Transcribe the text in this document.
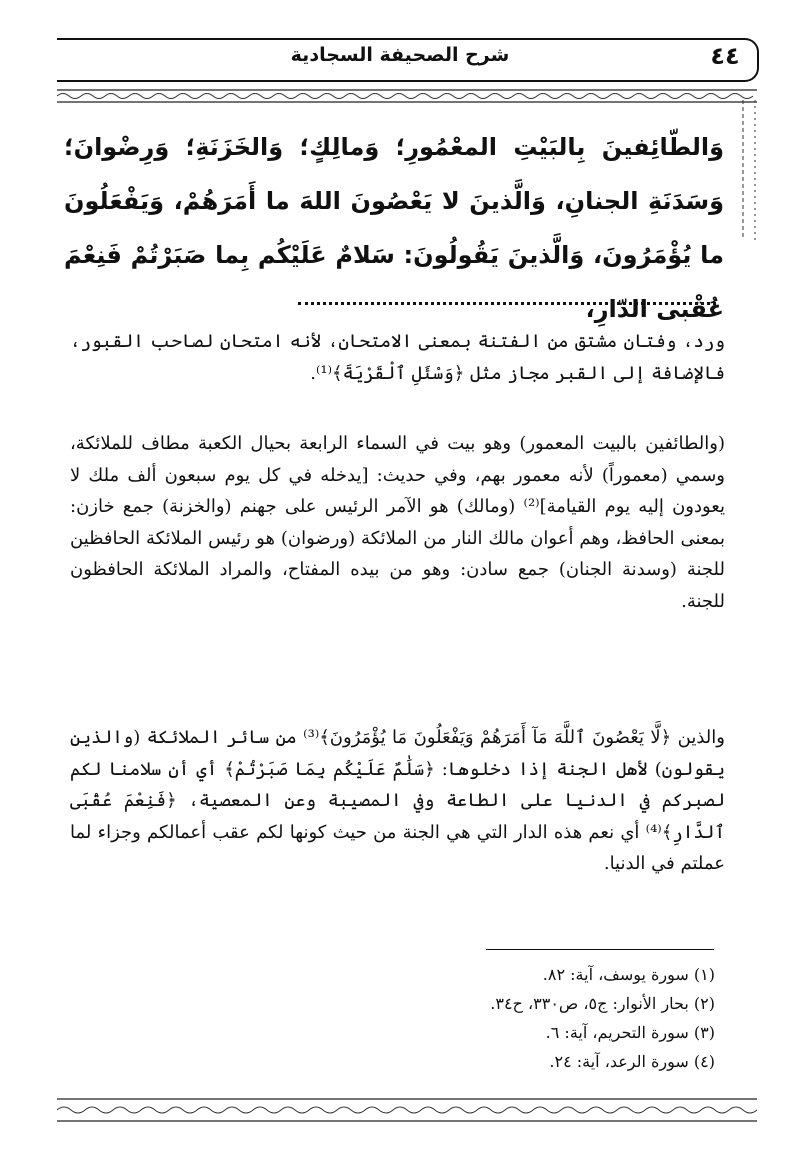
شرح الصحيفة السجادية	٤٤
وَالطّائِفينَ بِالبَيْتِ المعْمُورِ؛ وَمالِكٍ؛ وَالخَزَنَةِ؛ وَرِضْوانَ؛ وَسَدَنَةِ الجنانِ، وَالَّذينَ لا يَعْصُونَ اللهَ ما أَمَرَهُمْ، وَيَفْعَلُونَ ما يُؤْمَرُونَ، وَالَّذينَ يَقُولُونَ: سَلامٌ عَلَيْكُم بِما صَبَرْتُمْ فَنِعْمَ عُقْبى الدّارِ،
ورد، وفتان مشتق من الفتنة بمعنى الامتحان، لأنه امتحان لصاحب القبور، فالإضافة إلى القبر مجاز مثل ﴿وَسْئَلِ ٱلْقَرْيَةَ﴾⁽¹⁾.
(والطائفين بالبيت المعمور) وهو بيت في السماء الرابعة بحيال الكعبة مطاف للملائكة، وسمي (معموراً) لأنه معمور بهم، وفي حديث: [يدخله في كل يوم سبعون ألف ملك لا يعودون إليه يوم القيامة]⁽²⁾ (ومالك) هو الآمر الرئيس على جهنم (والخزنة) جمع خازن: بمعنى الحافظ، وهم أعوان مالك النار من الملائكة (ورضوان) هو رئيس الملائكة الحافظين للجنة (وسدنة الجنان) جمع سادن: وهو من بيده المفتاح، والمراد الملائكة الحافظون للجنة.
والذين ﴿لَّا يَعْصُونَ ٱللَّهَ مَآ أَمَرَهُمْ وَيَفْعَلُونَ مَا يُؤْمَرُونَ﴾⁽³⁾ من سائر الملائكة (والذين يقولون) لأهل الجنة إذا دخلوها: ﴿سَلَٰمٌ عَلَيْكُم بِمَا صَبَرْتُمْ﴾ أي أن سلامنا لكم لصبركم في الدنيا على الطاعة وفي المصيبة وعن المعصية، ﴿فَنِعْمَ عُقْبَى ٱلدَّارِ﴾⁽⁴⁾ أي نعم هذه الدار التي هي الجنة من حيث كونها لكم عقب أعمالكم وجزاء لما عملتم في الدنيا.
(١) سورة يوسف، آية: ٨٢.
(٢) بحار الأنوار: ج٥، ص٣٣٠، ح٣٤.
(٣) سورة التحريم، آية: ٦.
(٤) سورة الرعد، آية: ٢٤.
